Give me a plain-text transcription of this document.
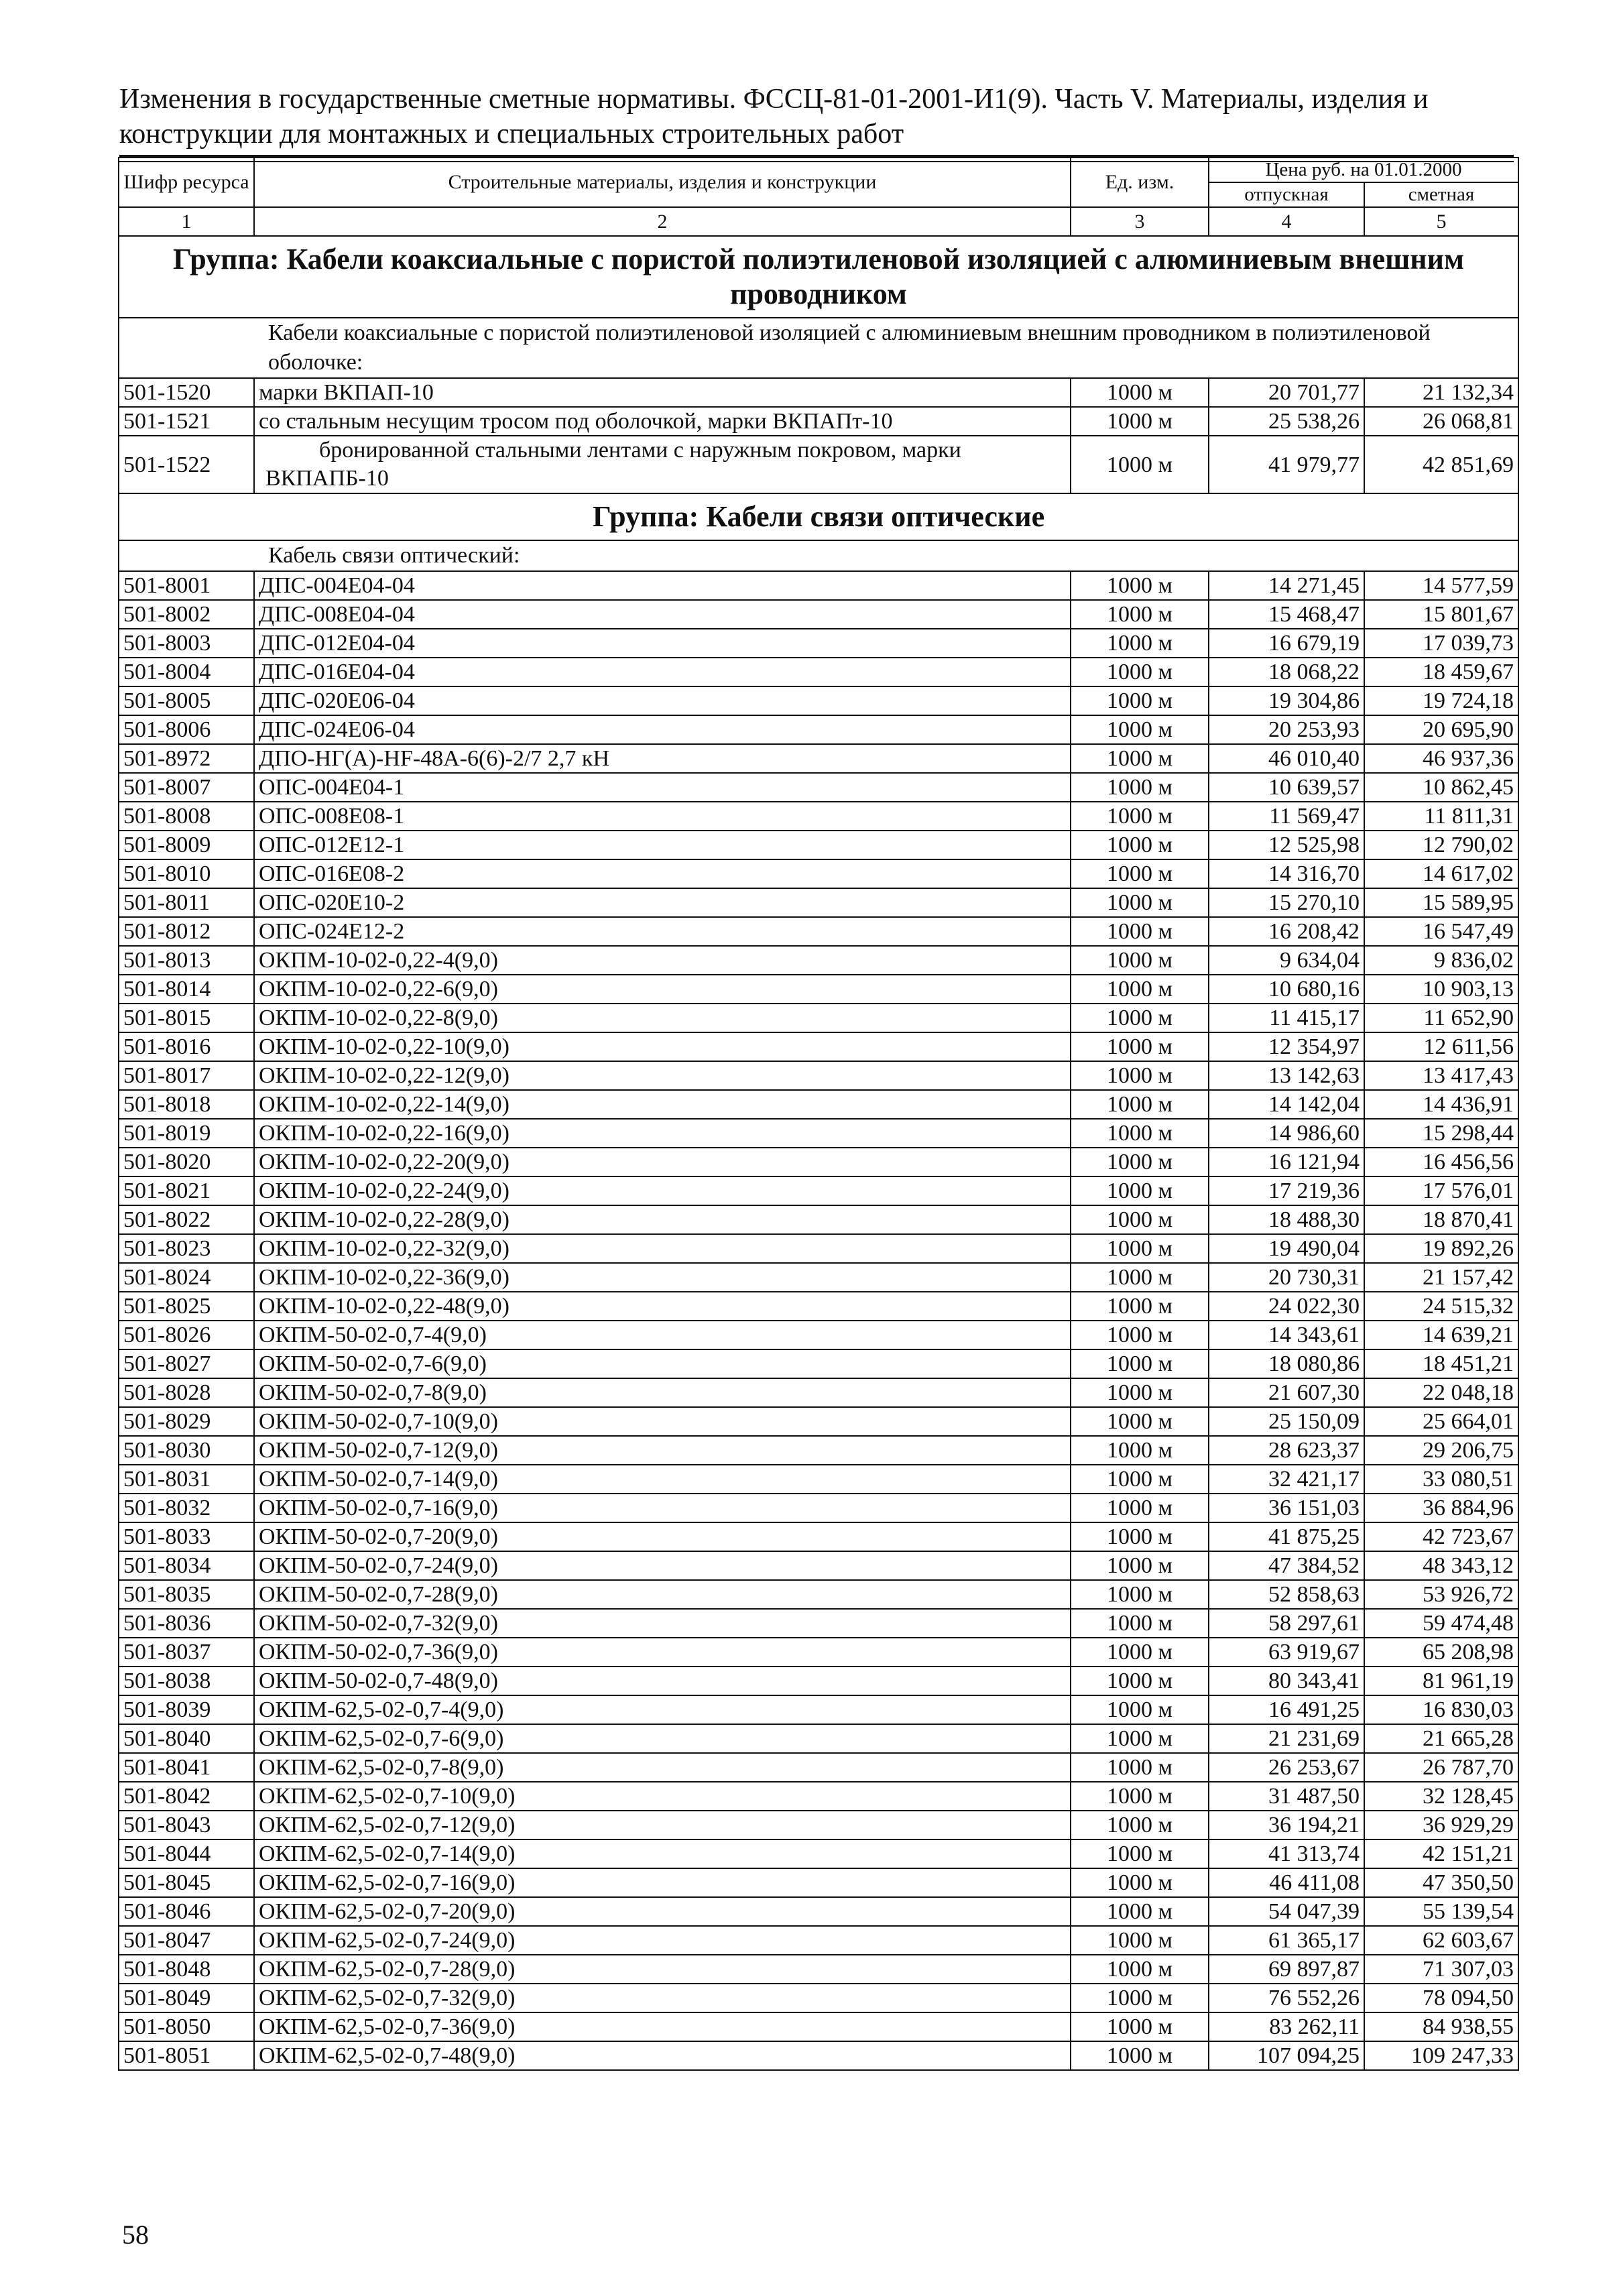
Изменения в государственные сметные нормативы. ФССЦ-81-01-2001-И1(9). Часть V. Материалы, изделия и
конструкции для монтажных и специальных строительных работ
Шифр ресурса	Строительные материалы, изделия и конструкции	Ед. изм.	Цена руб. на 01.01.2000	
			отпускная	сметная
1	2	3	4	5
Группа: Кабели коаксиальные с пористой полиэтиленовой изоляцией с алюминиевым внешним проводником				
Кабели коаксиальные с пористой полиэтиленовой изоляцией с алюминиевым внешним проводником в полиэтиленовой оболочке:				
501-1520	марки ВКПАП-10	1000 м	20 701,77	21 132,34
501-1521	со стальным несущим тросом под оболочкой, марки ВКПАПт-10	1000 м	25 538,26	26 068,81
501-1522	бронированной стальными лентами с наружным покровом, марки ВКПАПБ-10	1000 м	41 979,77	42 851,69
Группа: Кабели связи оптические				
Кабель связи оптический:				
501-8001	ДПС-004Е04-04	1000 м	14 271,45	14 577,59
501-8002	ДПС-008Е04-04	1000 м	15 468,47	15 801,67
501-8003	ДПС-012Е04-04	1000 м	16 679,19	17 039,73
501-8004	ДПС-016Е04-04	1000 м	18 068,22	18 459,67
501-8005	ДПС-020Е06-04	1000 м	19 304,86	19 724,18
501-8006	ДПС-024Е06-04	1000 м	20 253,93	20 695,90
501-8972	ДПО-НГ(А)-HF-48А-6(6)-2/7 2,7 кН	1000 м	46 010,40	46 937,36
501-8007	ОПС-004Е04-1	1000 м	10 639,57	10 862,45
501-8008	ОПС-008Е08-1	1000 м	11 569,47	11 811,31
501-8009	ОПС-012Е12-1	1000 м	12 525,98	12 790,02
501-8010	ОПС-016Е08-2	1000 м	14 316,70	14 617,02
501-8011	ОПС-020Е10-2	1000 м	15 270,10	15 589,95
501-8012	ОПС-024Е12-2	1000 м	16 208,42	16 547,49
501-8013	ОКПМ-10-02-0,22-4(9,0)	1000 м	9 634,04	9 836,02
501-8014	ОКПМ-10-02-0,22-6(9,0)	1000 м	10 680,16	10 903,13
501-8015	ОКПМ-10-02-0,22-8(9,0)	1000 м	11 415,17	11 652,90
501-8016	ОКПМ-10-02-0,22-10(9,0)	1000 м	12 354,97	12 611,56
501-8017	ОКПМ-10-02-0,22-12(9,0)	1000 м	13 142,63	13 417,43
501-8018	ОКПМ-10-02-0,22-14(9,0)	1000 м	14 142,04	14 436,91
501-8019	ОКПМ-10-02-0,22-16(9,0)	1000 м	14 986,60	15 298,44
501-8020	ОКПМ-10-02-0,22-20(9,0)	1000 м	16 121,94	16 456,56
501-8021	ОКПМ-10-02-0,22-24(9,0)	1000 м	17 219,36	17 576,01
501-8022	ОКПМ-10-02-0,22-28(9,0)	1000 м	18 488,30	18 870,41
501-8023	ОКПМ-10-02-0,22-32(9,0)	1000 м	19 490,04	19 892,26
501-8024	ОКПМ-10-02-0,22-36(9,0)	1000 м	20 730,31	21 157,42
501-8025	ОКПМ-10-02-0,22-48(9,0)	1000 м	24 022,30	24 515,32
501-8026	ОКПМ-50-02-0,7-4(9,0)	1000 м	14 343,61	14 639,21
501-8027	ОКПМ-50-02-0,7-6(9,0)	1000 м	18 080,86	18 451,21
501-8028	ОКПМ-50-02-0,7-8(9,0)	1000 м	21 607,30	22 048,18
501-8029	ОКПМ-50-02-0,7-10(9,0)	1000 м	25 150,09	25 664,01
501-8030	ОКПМ-50-02-0,7-12(9,0)	1000 м	28 623,37	29 206,75
501-8031	ОКПМ-50-02-0,7-14(9,0)	1000 м	32 421,17	33 080,51
501-8032	ОКПМ-50-02-0,7-16(9,0)	1000 м	36 151,03	36 884,96
501-8033	ОКПМ-50-02-0,7-20(9,0)	1000 м	41 875,25	42 723,67
501-8034	ОКПМ-50-02-0,7-24(9,0)	1000 м	47 384,52	48 343,12
501-8035	ОКПМ-50-02-0,7-28(9,0)	1000 м	52 858,63	53 926,72
501-8036	ОКПМ-50-02-0,7-32(9,0)	1000 м	58 297,61	59 474,48
501-8037	ОКПМ-50-02-0,7-36(9,0)	1000 м	63 919,67	65 208,98
501-8038	ОКПМ-50-02-0,7-48(9,0)	1000 м	80 343,41	81 961,19
501-8039	ОКПМ-62,5-02-0,7-4(9,0)	1000 м	16 491,25	16 830,03
501-8040	ОКПМ-62,5-02-0,7-6(9,0)	1000 м	21 231,69	21 665,28
501-8041	ОКПМ-62,5-02-0,7-8(9,0)	1000 м	26 253,67	26 787,70
501-8042	ОКПМ-62,5-02-0,7-10(9,0)	1000 м	31 487,50	32 128,45
501-8043	ОКПМ-62,5-02-0,7-12(9,0)	1000 м	36 194,21	36 929,29
501-8044	ОКПМ-62,5-02-0,7-14(9,0)	1000 м	41 313,74	42 151,21
501-8045	ОКПМ-62,5-02-0,7-16(9,0)	1000 м	46 411,08	47 350,50
501-8046	ОКПМ-62,5-02-0,7-20(9,0)	1000 м	54 047,39	55 139,54
501-8047	ОКПМ-62,5-02-0,7-24(9,0)	1000 м	61 365,17	62 603,67
501-8048	ОКПМ-62,5-02-0,7-28(9,0)	1000 м	69 897,87	71 307,03
501-8049	ОКПМ-62,5-02-0,7-32(9,0)	1000 м	76 552,26	78 094,50
501-8050	ОКПМ-62,5-02-0,7-36(9,0)	1000 м	83 262,11	84 938,55
501-8051	ОКПМ-62,5-02-0,7-48(9,0)	1000 м	107 094,25	109 247,33
58
